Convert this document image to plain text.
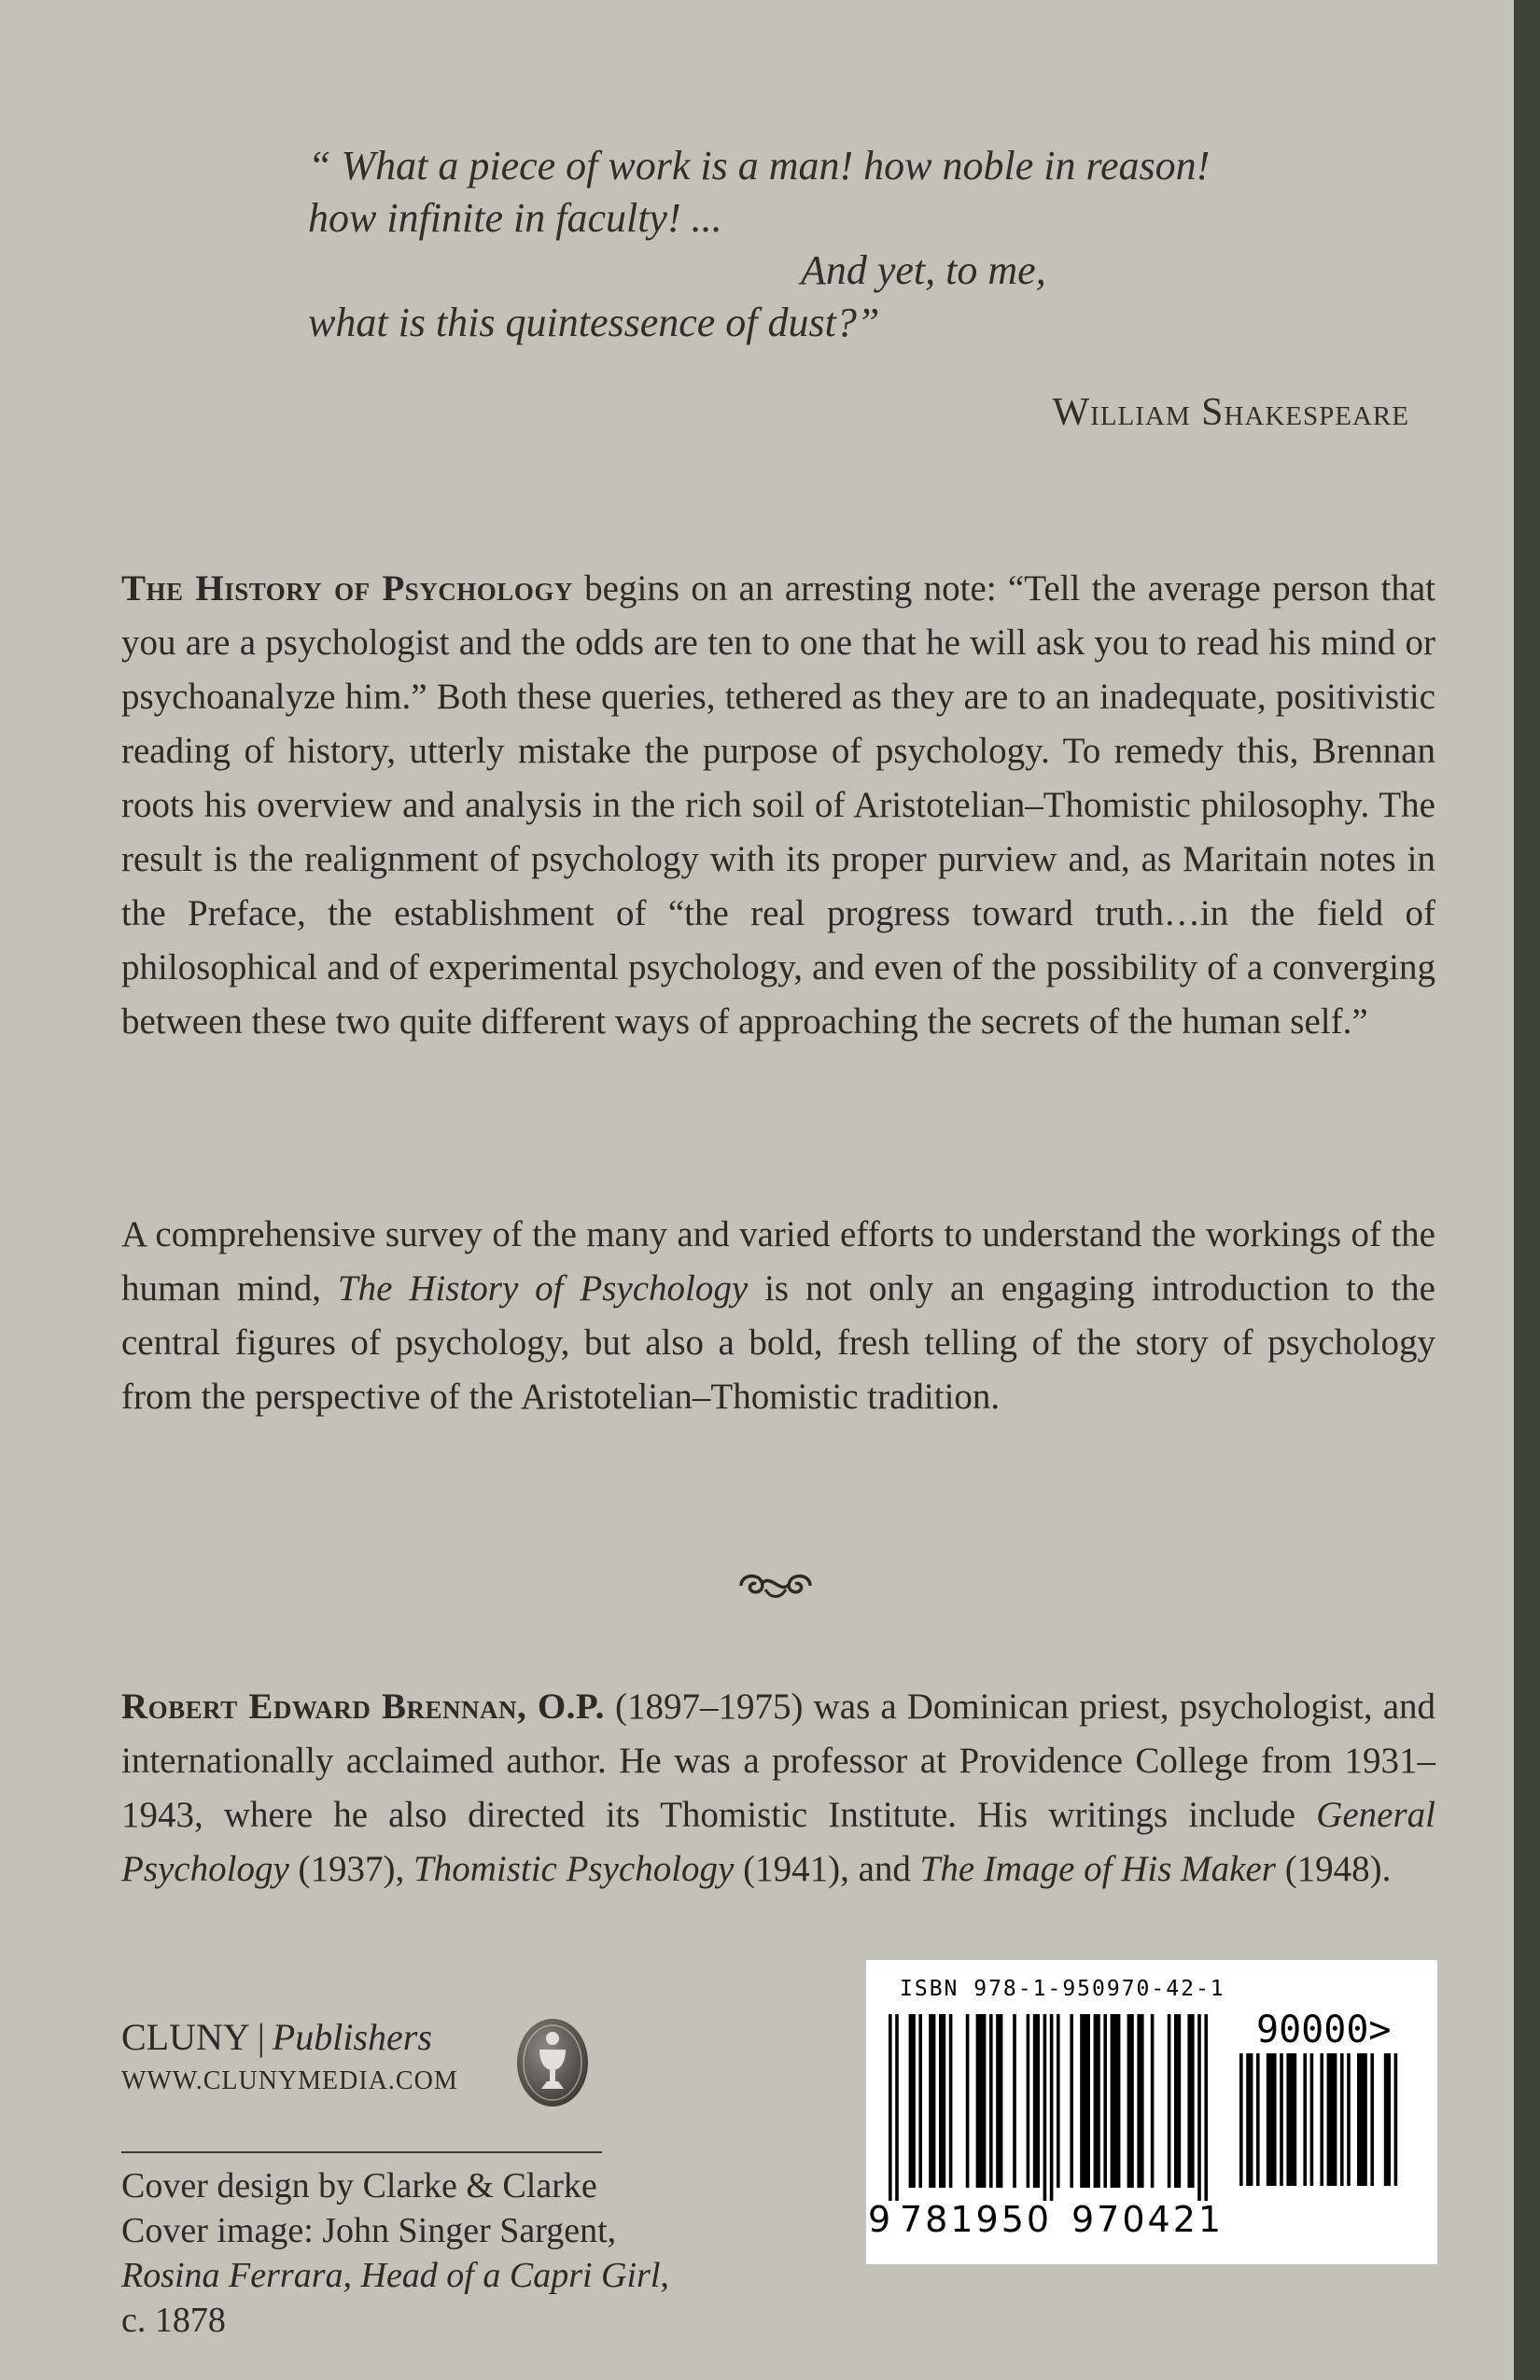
“ What a piece of work is a man! how noble in reason!
how infinite in faculty! ...
And yet, to me,
what is this quintessence of dust?”
William Shakespeare

The History of Psychology begins on an arresting note: “Tell the average person that you are a psychologist and the odds are ten to one that he will ask you to read his mind or psychoanalyze him.” Both these queries, tethered as they are to an inadequate, positivistic reading of history, utterly mistake the purpose of psychology. To remedy this, Brennan roots his overview and analysis in the rich soil of Aristotelian–Thomistic philosophy. The result is the realignment of psychology with its proper purview and, as Maritain notes in the Preface, the establishment of “the real progress toward truth…in the field of philosophical and of experimental psychology, and even of the possibility of a converging between these two quite different ways of approaching the secrets of the human self.”

A comprehensive survey of the many and varied efforts to understand the workings of the human mind, The History of Psychology is not only an engaging introduction to the central figures of psychology, but also a bold, fresh telling of the story of psychology from the perspective of the Aristotelian–Thomistic tradition.

Robert Edward Brennan, O.P. (1897–1975) was a Dominican priest, psychologist, and internationally acclaimed author. He was a professor at Providence College from 1931–1943, where he also directed its Thomistic Institute. His writings include General Psychology (1937), Thomistic Psychology (1941), and The Image of His Maker (1948).

CLUNY | Publishers
WWW.CLUNYMEDIA.COM
Cover design by Clarke & Clarke
Cover image: John Singer Sargent,
Rosina Ferrara, Head of a Capri Girl,
c. 1878
ISBN 978-1-950970-42-1
90000>
9 781950 970421
